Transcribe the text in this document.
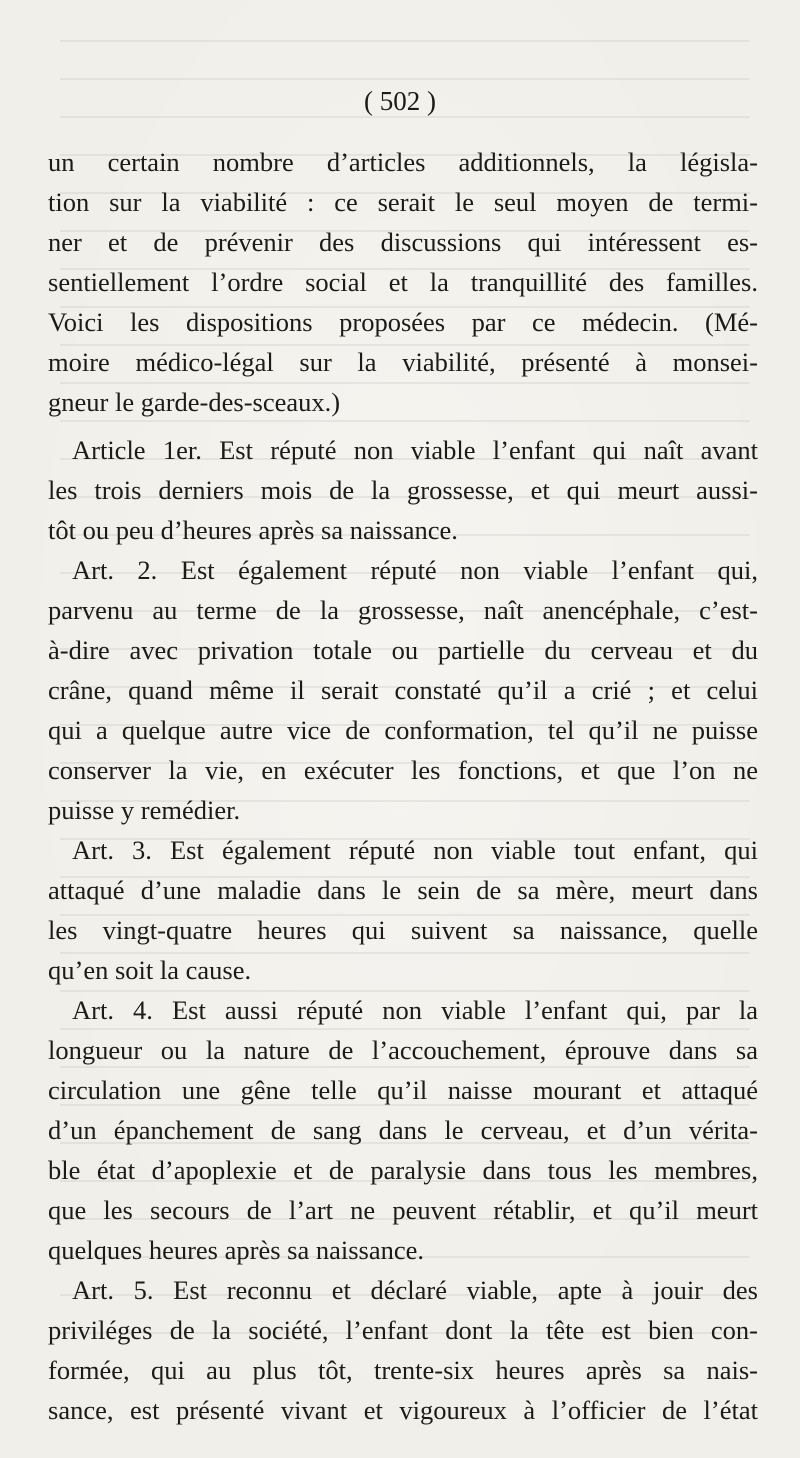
( 502 )
un certain nombre d’articles additionnels, la législa-
tion sur la viabilité : ce serait le seul moyen de termi-
ner et de prévenir des discussions qui intéressent es-
sentiellement l’ordre social et la tranquillité des familles.
Voici les dispositions proposées par ce médecin. (Mé-
moire médico-légal sur la viabilité, présenté à monsei-
gneur le garde-des-sceaux.)
Article 1er. Est réputé non viable l’enfant qui naît avant
les trois derniers mois de la grossesse, et qui meurt aussi-
tôt ou peu d’heures après sa naissance.
Art. 2. Est également réputé non viable l’enfant qui,
parvenu au terme de la grossesse, naît anencéphale, c’est-
à-dire avec privation totale ou partielle du cerveau et du
crâne, quand même il serait constaté qu’il a crié ; et celui
qui a quelque autre vice de conformation, tel qu’il ne puisse
conserver la vie, en exécuter les fonctions, et que l’on ne
puisse y remédier.
Art. 3. Est également réputé non viable tout enfant, qui
attaqué d’une maladie dans le sein de sa mère, meurt dans
les vingt-quatre heures qui suivent sa naissance, quelle
qu’en soit la cause.
Art. 4. Est aussi réputé non viable l’enfant qui, par la
longueur ou la nature de l’accouchement, éprouve dans sa
circulation une gêne telle qu’il naisse mourant et attaqué
d’un épanchement de sang dans le cerveau, et d’un vérita-
ble état d’apoplexie et de paralysie dans tous les membres,
que les secours de l’art ne peuvent rétablir, et qu’il meurt
quelques heures après sa naissance.
Art. 5. Est reconnu et déclaré viable, apte à jouir des
priviléges de la société, l’enfant dont la tête est bien con-
formée, qui au plus tôt, trente-six heures après sa nais-
sance, est présenté vivant et vigoureux à l’officier de l’état
